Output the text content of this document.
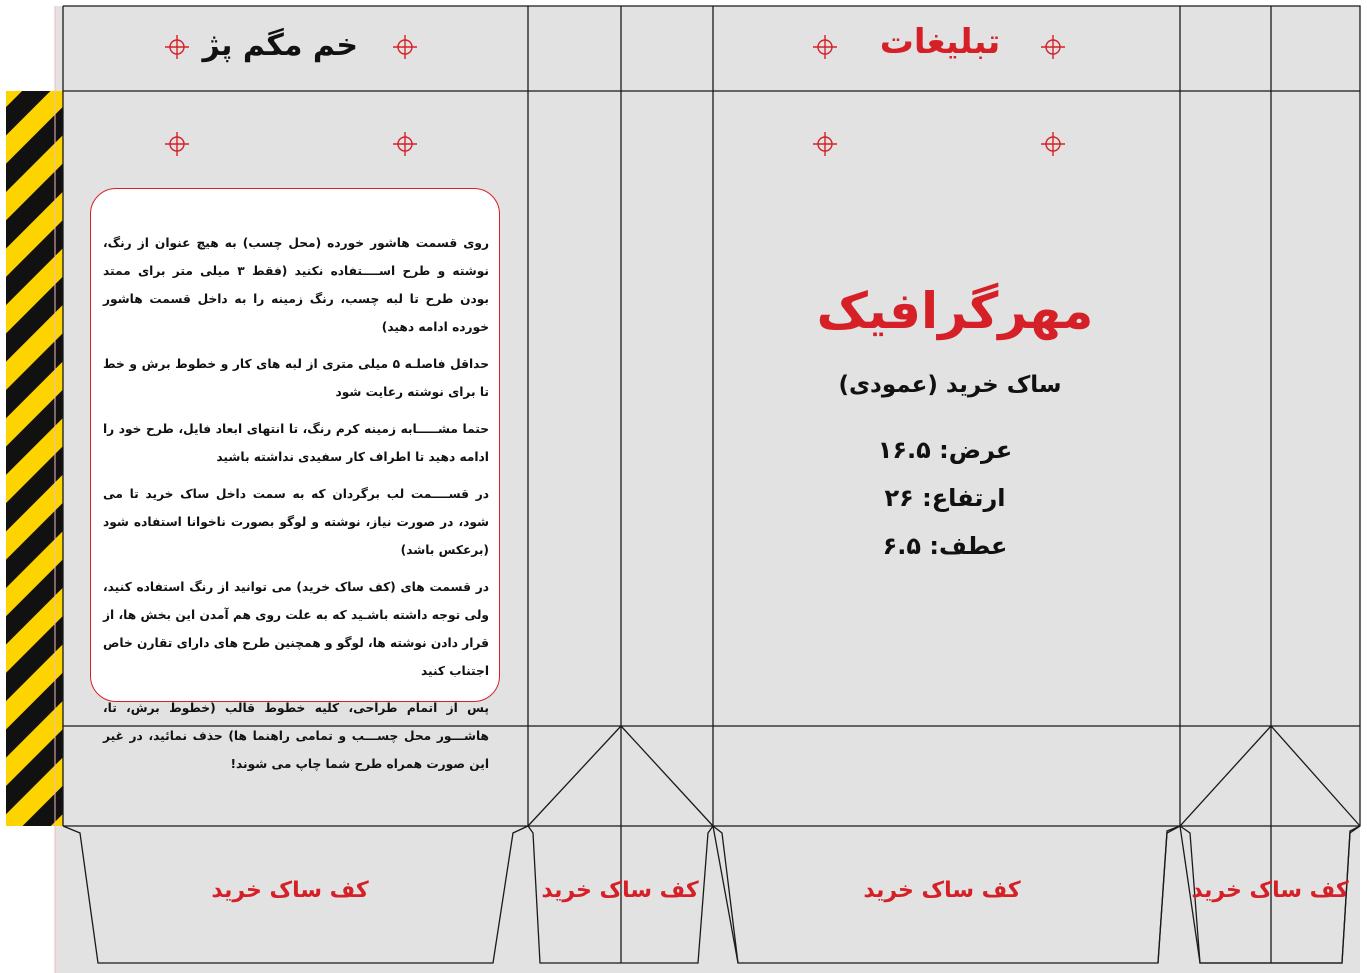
ﺧﻢ ﻣﮕﻢ ﭘﮋ	ﺗﺒﻠﯿﻐﺎﺕ

روی قسمت هاشور خورده (محل چسب) به هیچ عنوان از رنگ، نوشته و طرح اســــتفاده نکنید (فقط ۳ میلی متر برای ممتد بودن طرح تا لبه چسب، رنگ زمینه را به داخل قسمت هاشور خورده ادامه دهید)

حداقل فاصلـه ۵ میلی متری از لبه های کار و خطوط برش و خط تا برای نوشته رعایت شود

حتما مشـــــابه زمینه کرم رنگ، تا انتهای ابعاد فایل، طرح خود را ادامه دهید تا اطراف کار سفیدی نداشته باشید

در قســــمت لب برگردان که به سمت داخل ساک خرید تا می شود، در صورت نیاز، نوشته و لوگو بصورت ناخوانا استفاده شود (برعکس باشد)

در قسمت های (کف ساک خرید) می توانید از رنگ استفاده کنید، ولی توجه داشته باشـید که به علت روی هم آمدن این بخش ها، از قرار دادن نوشته ها، لوگو و همچنین طرح های دارای تقارن خاص اجتناب کنید

پس از اتمام طراحی، کلیه خطوط قالب (خطوط برش، تا، هاشـــور محل چســـب و تمامی راهنما ها) حذف نمائید، در غیر این صورت همراه طرح شما چاپ می شوند!

مهرگرافیک
ساک خرید (عمودی)
عرض: ۱۶.۵
ارتفاع: ۲۶
عطف: ۶.۵
کف ساک خرید	کف ساک خرید	کف ساک خرید	کف ساک خرید
